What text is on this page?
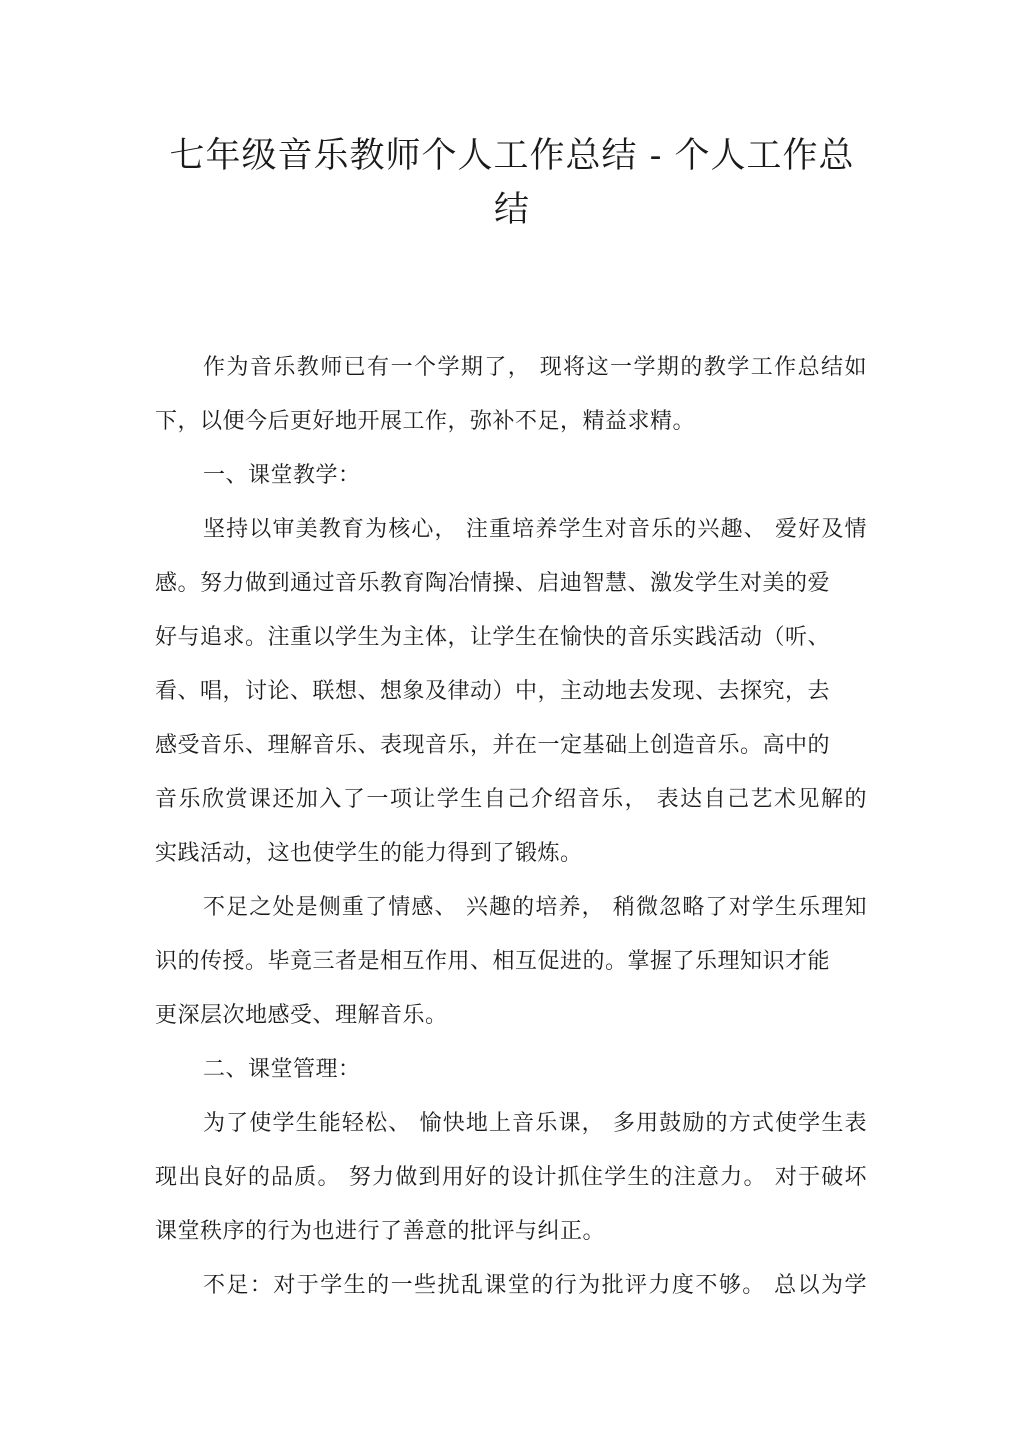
七年级音乐教师个人工作总结 - 个人工作总
结
作为音乐教师已有一个学期了， 现将这一学期的教学工作总结如
下，以便今后更好地开展工作，弥补不足，精益求精。
一、课堂教学：
坚持以审美教育为核心， 注重培养学生对音乐的兴趣、 爱好及情
感。努力做到通过音乐教育陶冶情操、启迪智慧、激发学生对美的爱
好与追求。注重以学生为主体，让学生在愉快的音乐实践活动（听、
看、唱，讨论、联想、想象及律动）中，主动地去发现、去探究，去
感受音乐、理解音乐、表现音乐，并在一定基础上创造音乐。高中的
音乐欣赏课还加入了一项让学生自己介绍音乐， 表达自己艺术见解的
实践活动，这也使学生的能力得到了锻炼。
不足之处是侧重了情感、 兴趣的培养， 稍微忽略了对学生乐理知
识的传授。毕竟三者是相互作用、相互促进的。掌握了乐理知识才能
更深层次地感受、理解音乐。
二、课堂管理：
为了使学生能轻松、 愉快地上音乐课， 多用鼓励的方式使学生表
现出良好的品质。 努力做到用好的设计抓住学生的注意力。 对于破坏
课堂秩序的行为也进行了善意的批评与纠正。
不足：对于学生的一些扰乱课堂的行为批评力度不够。 总以为学
